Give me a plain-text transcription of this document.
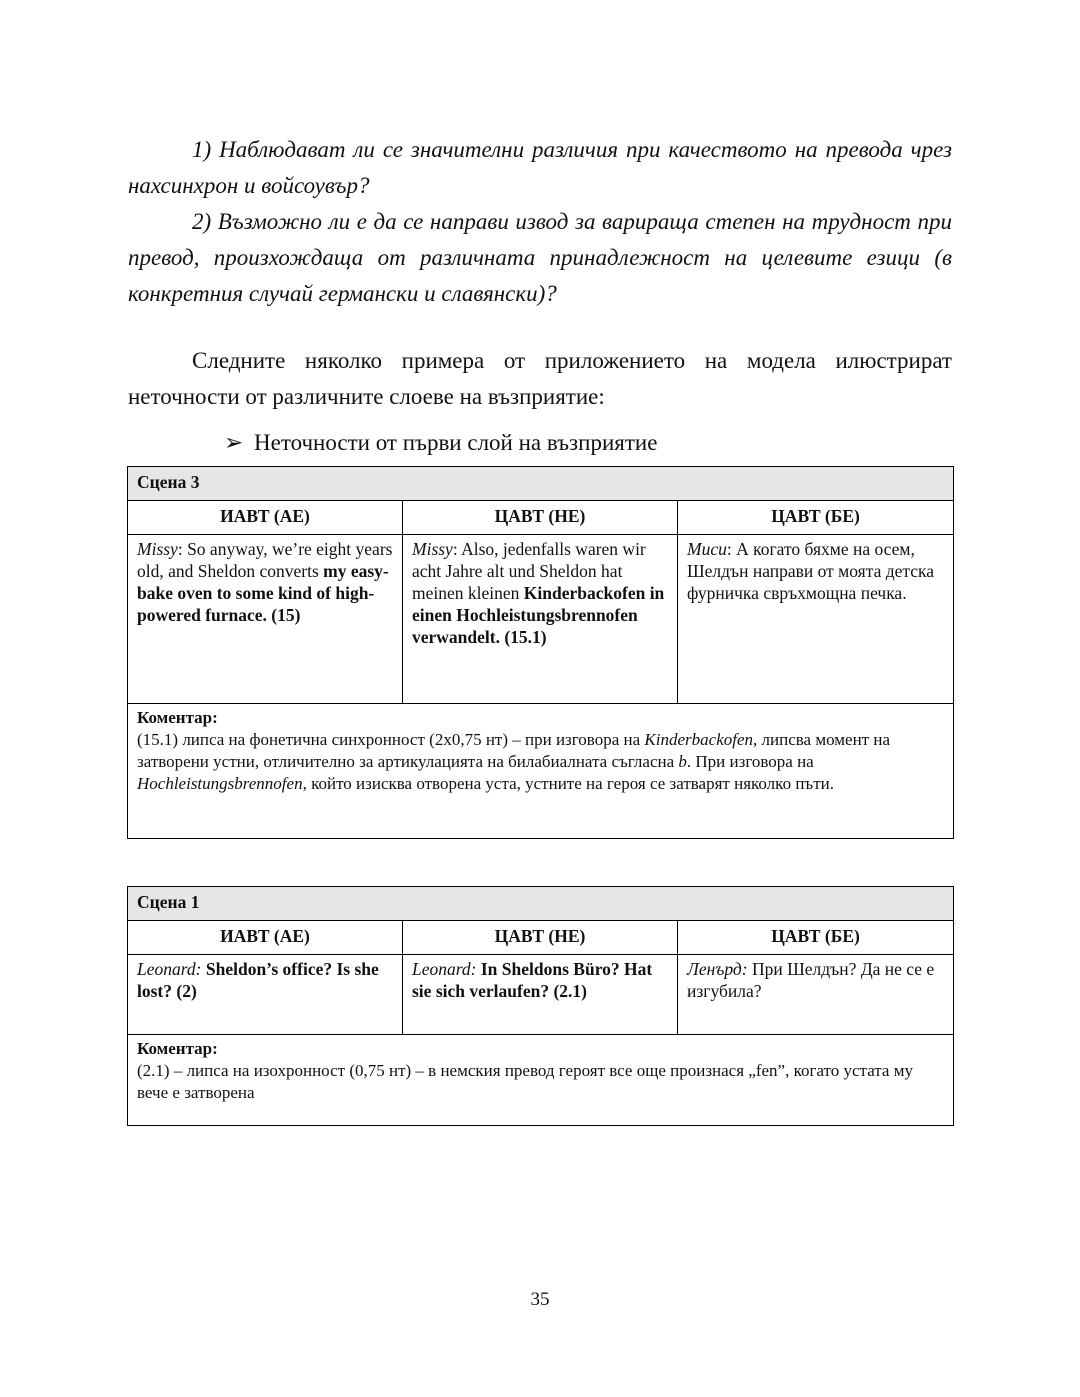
1) Наблюдават ли се значителни различия при качеството на превода чрез нахсинхрон и войсоувър?

2) Възможно ли е да се направи извод за варираща степен на трудност при превод, произхождаща от различната принадлежност на целевите езици (в конкретния случай германски и славянски)?

Следните няколко примера от приложението на модела илюстрират неточности от различните слоеве на възприятие:

➢ Неточности от първи слой на възприятие
Сцена 3		
ИАВТ (АЕ)	ЦАВТ (НЕ)	ЦАВТ (БЕ)
Missy: So anyway, we’re eight years old, and Sheldon converts my easy-bake oven to some kind of high-powered furnace. (15)	Missy: Also, jedenfalls waren wir acht Jahre alt und Sheldon hat meinen kleinen Kinderbackofen in einen Hochleistungsbrennofen verwandelt. (15.1)	Миси: А когато бяхме на осем, Шелдън направи от моята детска фурничка свръхмощна печка.
Коментар:
(15.1) липса на фонетична синхронност (2х0,75 нт) – при изговора на Kinderbackofen, липсва момент на затворени устни, отличително за артикулацията на билабиалната съгласна b. При изговора на Hochleistungsbrennofen, който изисква отворена уста, устните на героя се затварят няколко пъти.		
Сцена 1		
ИАВТ (АЕ)	ЦАВТ (НЕ)	ЦАВТ (БЕ)
Leonard: Sheldon’s office? Is she lost? (2)	Leonard: In Sheldons Büro? Hat sie sich verlaufen? (2.1)	Ленърд: При Шелдън? Да не се е изгубила?
Коментар:
(2.1) – липса на изохронност (0,75 нт) – в немския превод героят все още произнася „fen”, когато устата му вече е затворена		
35
